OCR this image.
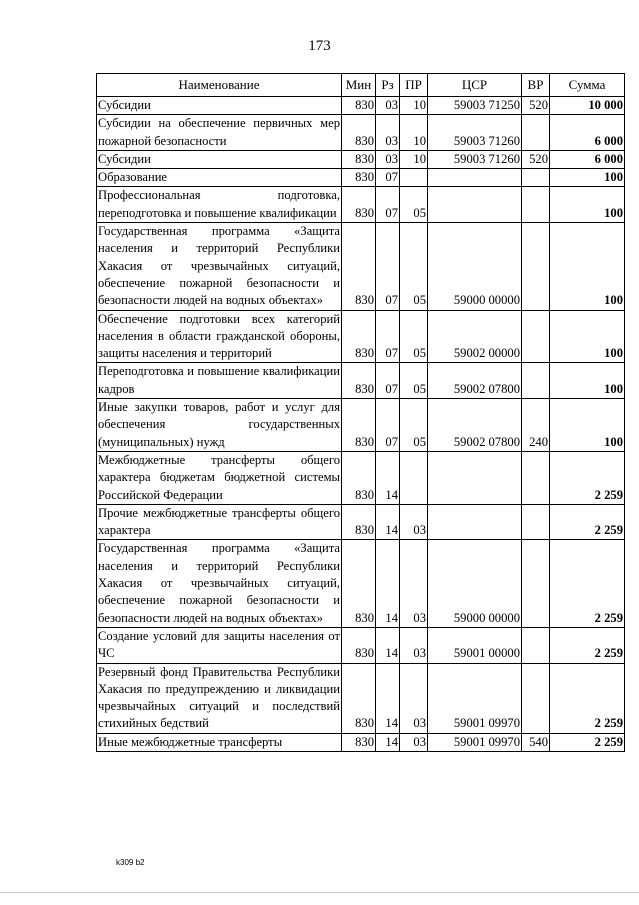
173
Наименование	Мин	Рз	ПР	ЦСР	ВР	Сумма
Субсидии	830	03	10	59003 71250	520	10 000
Субсидии на обеспечение первичных мер пожарной безопасности	830	03	10	59003 71260		6 000
Субсидии	830	03	10	59003 71260	520	6 000
Образование	830	07				100
Профессиональная подготовка, переподготовка и повышение квалификации	830	07	05			100
Государственная программа «Защита населения и территорий Республики Хакасия от чрезвычайных ситуаций, обеспечение пожарной безопасности и безопасности людей на водных объектах»	830	07	05	59000 00000		100
Обеспечение подготовки всех категорий населения в области гражданской обороны, защиты населения и территорий	830	07	05	59002 00000		100
Переподготовка и повышение квалификации кадров	830	07	05	59002 07800		100
Иные закупки товаров, работ и услуг для обеспечения государственных (муниципальных) нужд	830	07	05	59002 07800	240	100
Межбюджетные трансферты общего характера бюджетам бюджетной системы Российской Федерации	830	14				2 259
Прочие межбюджетные трансферты общего характера	830	14	03			2 259
Государственная программа «Защита населения и территорий Республики Хакасия от чрезвычайных ситуаций, обеспечение пожарной безопасности и безопасности людей на водных объектах»	830	14	03	59000 00000		2 259
Создание условий для защиты населения от ЧС	830	14	03	59001 00000		2 259
Резервный фонд Правительства Республики Хакасия по предупреждению и ликвидации чрезвычайных ситуаций и последствий стихийных бедствий	830	14	03	59001 09970		2 259
Иные межбюджетные трансферты	830	14	03	59001 09970	540	2 259
k309 b2
